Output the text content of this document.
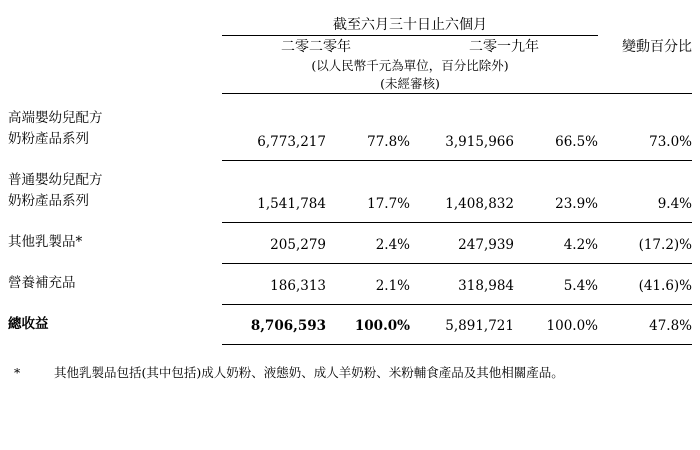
	截至六月三十日止六個月				

	二零二零年		二零一九年		變動百分比
	(以人民幣千元為單位，百分比除外)				
	(未經審核)				

高端嬰幼兒配方					
奶粉產品系列	6,773,217	77.8%	3,915,966	66.5%	73.0%

普通嬰幼兒配方					
奶粉產品系列	1,541,784	17.7%	1,408,832	23.9%	9.4%

其他乳製品*	205,279	2.4%	247,939	4.2%	(17.2)%

營養補充品	186,313	2.1%	318,984	5.4%	(41.6)%

總收益	8,706,593	100.0%	5,891,721	100.0%	47.8%

*	其他乳製品包括(其中包括)成人奶粉、液態奶、成人羊奶粉、米粉輔食產品及其他相關產品。
